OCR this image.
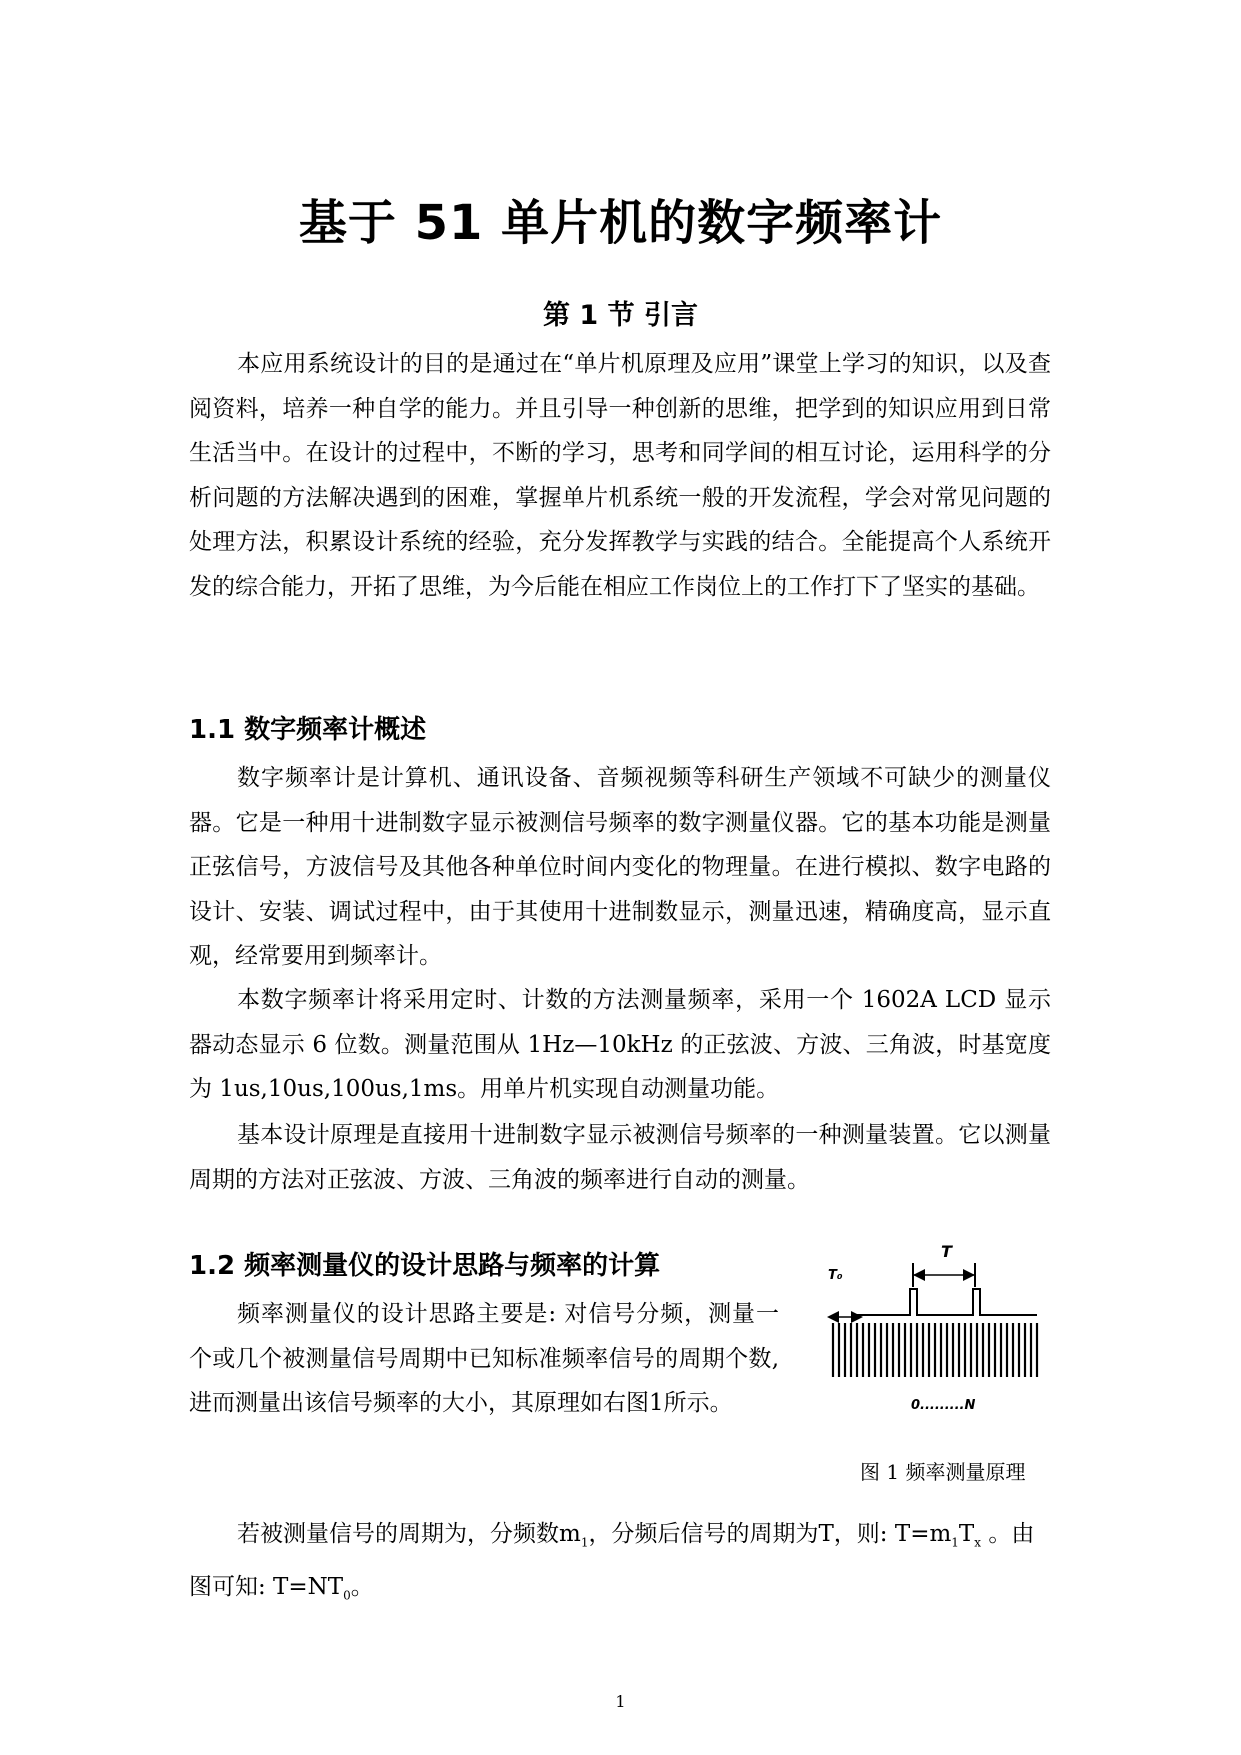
基于 51 单片机的数字频率计
第 1 节 引言
本应用系统设计的目的是通过在“单片机原理及应用”课堂上学习的知识，以及查阅资料，培养一种自学的能力。并且引导一种创新的思维，把学到的知识应用到日常生活当中。在设计的过程中，不断的学习，思考和同学间的相互讨论，运用科学的分析问题的方法解决遇到的困难，掌握单片机系统一般的开发流程，学会对常见问题的处理方法，积累设计系统的经验，充分发挥教学与实践的结合。全能提高个人系统开发的综合能力，开拓了思维，为今后能在相应工作岗位上的工作打下了坚实的基础。
1.1 数字频率计概述
数字频率计是计算机、通讯设备、音频视频等科研生产领域不可缺少的测量仪器。它是一种用十进制数字显示被测信号频率的数字测量仪器。它的基本功能是测量正弦信号，方波信号及其他各种单位时间内变化的物理量。在进行模拟、数字电路的设计、安装、调试过程中，由于其使用十进制数显示，测量迅速，精确度高，显示直观，经常要用到频率计。
本数字频率计将采用定时、计数的方法测量频率，采用一个 1602A LCD 显示器动态显示 6 位数。测量范围从 1Hz—10kHz 的正弦波、方波、三角波，时基宽度为 1us,10us,100us,1ms。用单片机实现自动测量功能。
基本设计原理是直接用十进制数字显示被测信号频率的一种测量装置。它以测量周期的方法对正弦波、方波、三角波的频率进行自动的测量。
1.2 频率测量仪的设计思路与频率的计算
频率测量仪的设计思路主要是: 对信号分频，测量一个或几个被测量信号周期中已知标准频率信号的周期个数,进而测量出该信号频率的大小，其原理如右图1所示。
T
T₀
0.........N
图 1 频率测量原理
若被测量信号的周期为，分频数$m_1$，分频后信号的周期为T，则: $T=m_1T_x$ 。由图可知: $T=NT_0$。
1
